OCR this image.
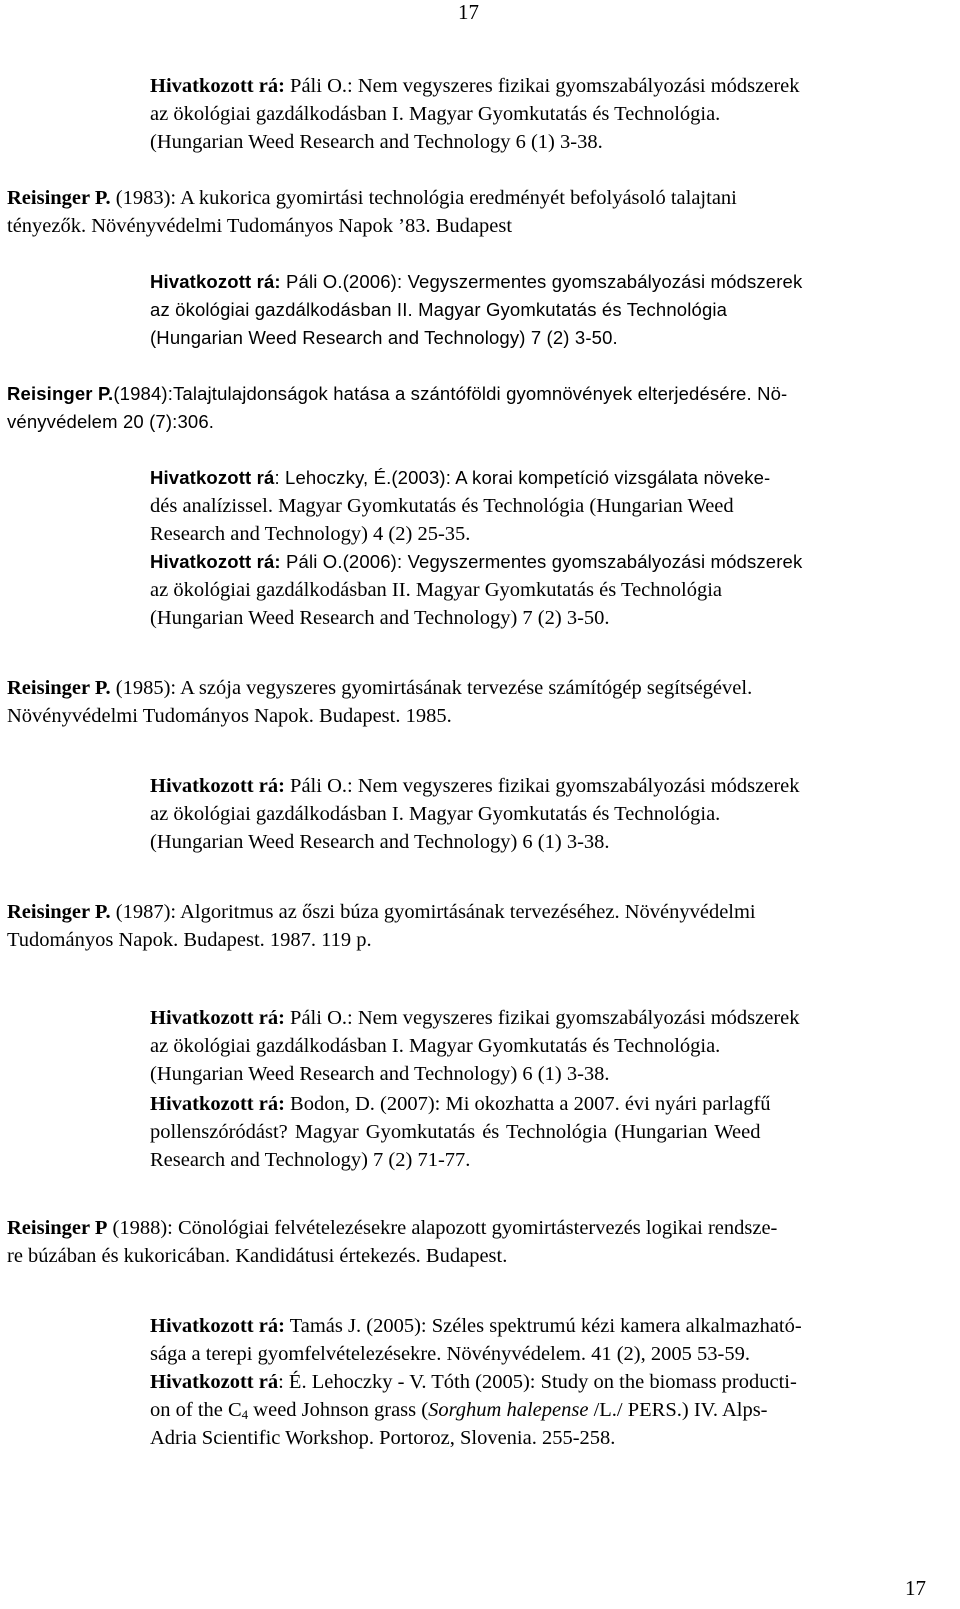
17
Hivatkozott rá: Páli O.: Nem vegyszeres fizikai gyomszabályozási módszerek
az ökológiai gazdálkodásban I. Magyar Gyomkutatás és Technológia.
(Hungarian Weed Research and Technology 6 (1) 3-38.
Reisinger P. (1983): A kukorica gyomirtási technológia eredményét befolyásoló talajtani
tényezők. Növényvédelmi Tudományos Napok ’83. Budapest
Hivatkozott rá: Páli O.(2006): Vegyszermentes gyomszabályozási módszerek
az ökológiai gazdálkodásban II. Magyar Gyomkutatás és Technológia
(Hungarian Weed Research and Technology) 7 (2) 3-50.
Reisinger P.(1984):Talajtulajdonságok hatása a szántóföldi gyomnövények elterjedésére. Nö-
vényvédelem 20 (7):306.
Hivatkozott rá: Lehoczky, É.(2003): A korai kompetíció vizsgálata növeke-
dés analízissel. Magyar Gyomkutatás és Technológia (Hungarian Weed
Research and Technology) 4 (2) 25-35.
Hivatkozott rá: Páli O.(2006): Vegyszermentes gyomszabályozási módszerek
az ökológiai gazdálkodásban II. Magyar Gyomkutatás és Technológia
(Hungarian Weed Research and Technology) 7 (2) 3-50.
Reisinger P. (1985): A szója vegyszeres gyomirtásának tervezése számítógép segítségével.
Növényvédelmi Tudományos Napok. Budapest. 1985.
Hivatkozott rá: Páli O.: Nem vegyszeres fizikai gyomszabályozási módszerek
az ökológiai gazdálkodásban I. Magyar Gyomkutatás és Technológia.
(Hungarian Weed Research and Technology) 6 (1) 3-38.
Reisinger P. (1987): Algoritmus az őszi búza gyomirtásának tervezéséhez. Növényvédelmi
Tudományos Napok. Budapest. 1987. 119 p.
Hivatkozott rá: Páli O.: Nem vegyszeres fizikai gyomszabályozási módszerek
az ökológiai gazdálkodásban I. Magyar Gyomkutatás és Technológia.
(Hungarian Weed Research and Technology) 6 (1) 3-38.
Hivatkozott rá: Bodon, D. (2007): Mi okozhatta a 2007. évi nyári parlagfű
pollenszóródást? Magyar Gyomkutatás és Technológia (Hungarian Weed
Research and Technology) 7 (2) 71-77.
Reisinger P (1988): Cönológiai felvételezésekre alapozott gyomirtástervezés logikai rendsze-
re búzában és kukoricában. Kandidátusi értekezés. Budapest.
Hivatkozott rá: Tamás J. (2005): Széles spektrumú kézi kamera alkalmazható-
sága a terepi gyomfelvételezésekre. Növényvédelem. 41 (2), 2005 53-59.
Hivatkozott rá: É. Lehoczky - V. Tóth (2005): Study on the biomass producti-
on of the $C_4$ weed Johnson grass (Sorghum halepense /L./ PERS.) IV. Alps-
Adria Scientific Workshop. Portoroz, Slovenia. 255-258.
17
